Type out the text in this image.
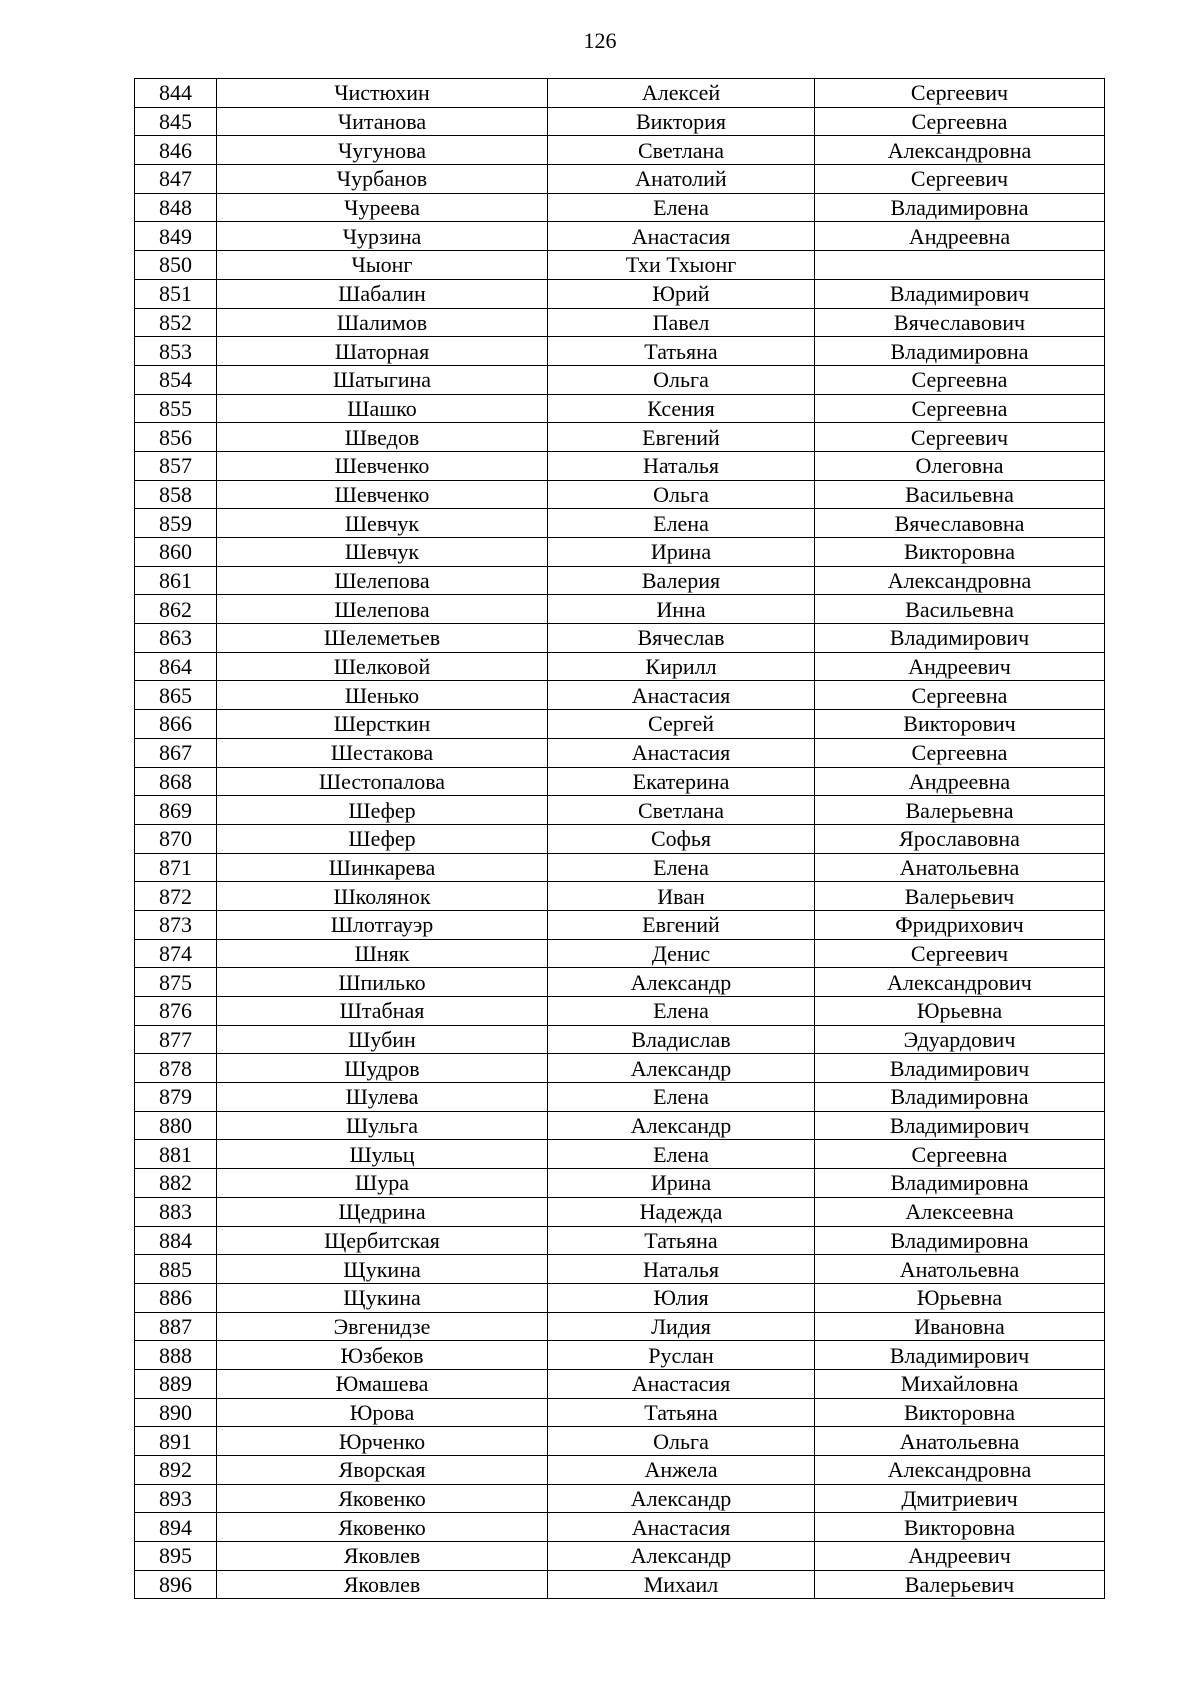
126
844	Чистюхин	Алексей	Сергеевич
845	Читанова	Виктория	Сергеевна
846	Чугунова	Светлана	Александровна
847	Чурбанов	Анатолий	Сергеевич
848	Чуреева	Елена	Владимировна
849	Чурзина	Анастасия	Андреевна
850	Чыонг	Тхи Тхыонг	
851	Шабалин	Юрий	Владимирович
852	Шалимов	Павел	Вячеславович
853	Шаторная	Татьяна	Владимировна
854	Шатыгина	Ольга	Сергеевна
855	Шашко	Ксения	Сергеевна
856	Шведов	Евгений	Сергеевич
857	Шевченко	Наталья	Олеговна
858	Шевченко	Ольга	Васильевна
859	Шевчук	Елена	Вячеславовна
860	Шевчук	Ирина	Викторовна
861	Шелепова	Валерия	Александровна
862	Шелепова	Инна	Васильевна
863	Шелеметьев	Вячеслав	Владимирович
864	Шелковой	Кирилл	Андреевич
865	Шенько	Анастасия	Сергеевна
866	Шерсткин	Сергей	Викторович
867	Шестакова	Анастасия	Сергеевна
868	Шестопалова	Екатерина	Андреевна
869	Шефер	Светлана	Валерьевна
870	Шефер	Софья	Ярославовна
871	Шинкарева	Елена	Анатольевна
872	Школянок	Иван	Валерьевич
873	Шлотгауэр	Евгений	Фридрихович
874	Шняк	Денис	Сергеевич
875	Шпилько	Александр	Александрович
876	Штабная	Елена	Юрьевна
877	Шубин	Владислав	Эдуардович
878	Шудров	Александр	Владимирович
879	Шулева	Елена	Владимировна
880	Шульга	Александр	Владимирович
881	Шульц	Елена	Сергеевна
882	Шура	Ирина	Владимировна
883	Щедрина	Надежда	Алексеевна
884	Щербитская	Татьяна	Владимировна
885	Щукина	Наталья	Анатольевна
886	Щукина	Юлия	Юрьевна
887	Эвгенидзе	Лидия	Ивановна
888	Юзбеков	Руслан	Владимирович
889	Юмашева	Анастасия	Михайловна
890	Юрова	Татьяна	Викторовна
891	Юрченко	Ольга	Анатольевна
892	Яворская	Анжела	Александровна
893	Яковенко	Александр	Дмитриевич
894	Яковенко	Анастасия	Викторовна
895	Яковлев	Александр	Андреевич
896	Яковлев	Михаил	Валерьевич
